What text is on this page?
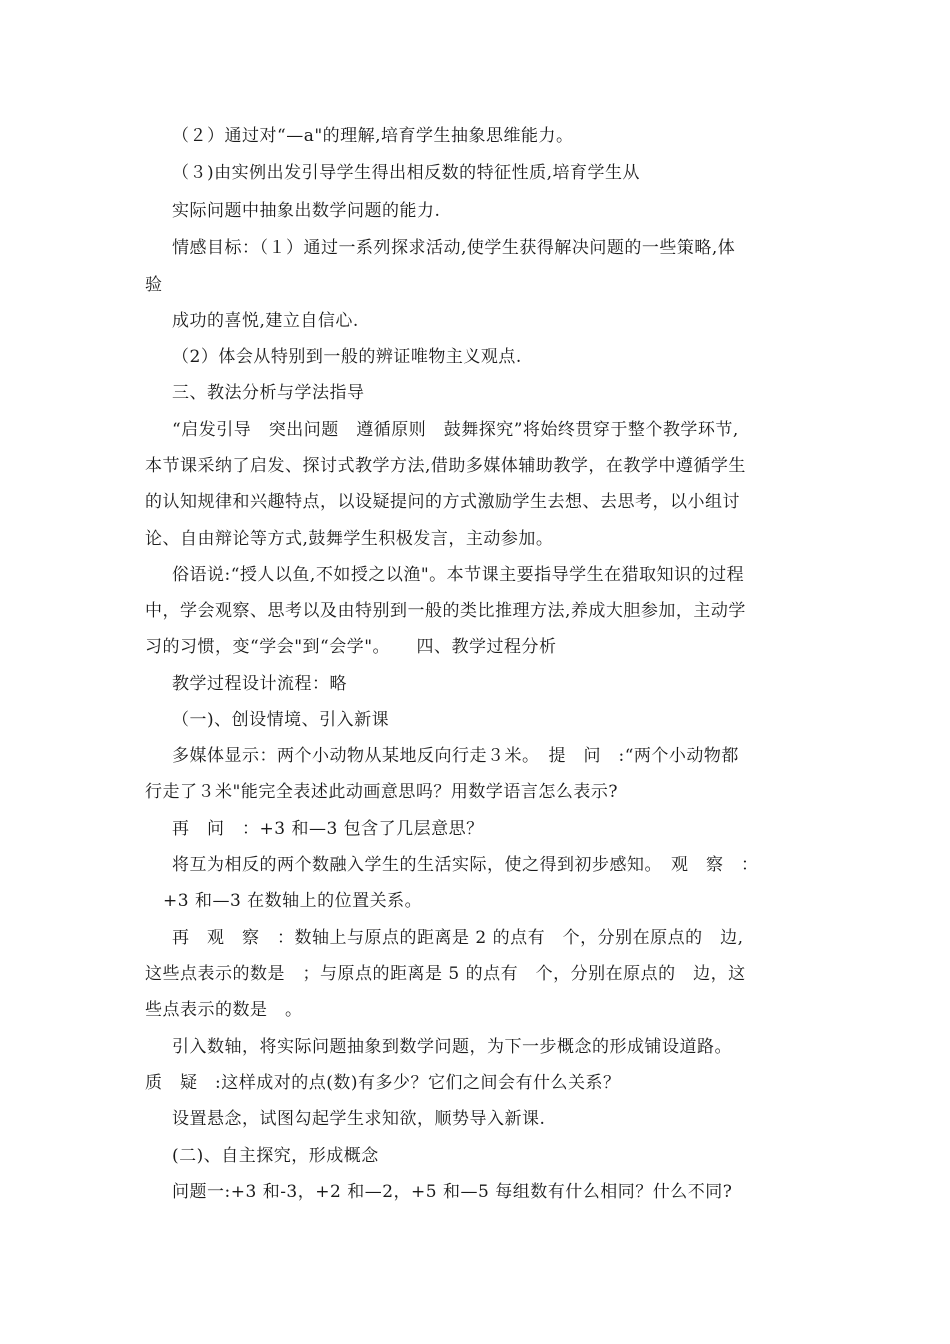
（２）通过对“—a"的理解,培育学生抽象思维能力。
（３)由实例出发引导学生得出相反数的特征性质,培育学生从
实际问题中抽象出数学问题的能力.
情感目标：（１）通过一系列探求活动,使学生获得解决问题的一些策略,体
验
成功的喜悦,建立自信心.
（2）体会从特别到一般的辨证唯物主义观点.
三、教法分析与学法指导
“启发引导　突出问题　遵循原则　鼓舞探究”将始终贯穿于整个教学环节,
本节课采纳了启发、探讨式教学方法,借助多媒体辅助教学，在教学中遵循学生
的认知规律和兴趣特点，以设疑提问的方式激励学生去想、去思考，以小组讨
论、自由辩论等方式,鼓舞学生积极发言，主动参加。
俗语说:“授人以鱼,不如授之以渔"。本节课主要指导学生在猎取知识的过程
中，学会观察、思考以及由特别到一般的类比推理方法,养成大胆参加，主动学
习的习惯，变“学会"到“会学"。　　四、教学过程分析
教学过程设计流程：略
（一)、创设情境、引入新课
多媒体显示：两个小动物从某地反向行走３米。　提　问　:“两个小动物都
行走了３米"能完全表述此动画意思吗？用数学语言怎么表示?
再　问　：+3 和—3 包含了几层意思？
将互为相反的两个数融入学生的生活实际，使之得到初步感知。　观　察　：
+3 和—3 在数轴上的位置关系。
再　观　察　：数轴上与原点的距离是 2 的点有　个，分别在原点的　边,
这些点表示的数是　；与原点的距离是 5 的点有　个，分别在原点的　边，这
些点表示的数是　。
引入数轴，将实际问题抽象到数学问题，为下一步概念的形成铺设道路。
质　疑　:这样成对的点(数)有多少？它们之间会有什么关系？
设置悬念，试图勾起学生求知欲，顺势导入新课.
(二)、自主探究，形成概念
问题一:+3 和-3，+2 和—2，+5 和—5 每组数有什么相同？什么不同?
